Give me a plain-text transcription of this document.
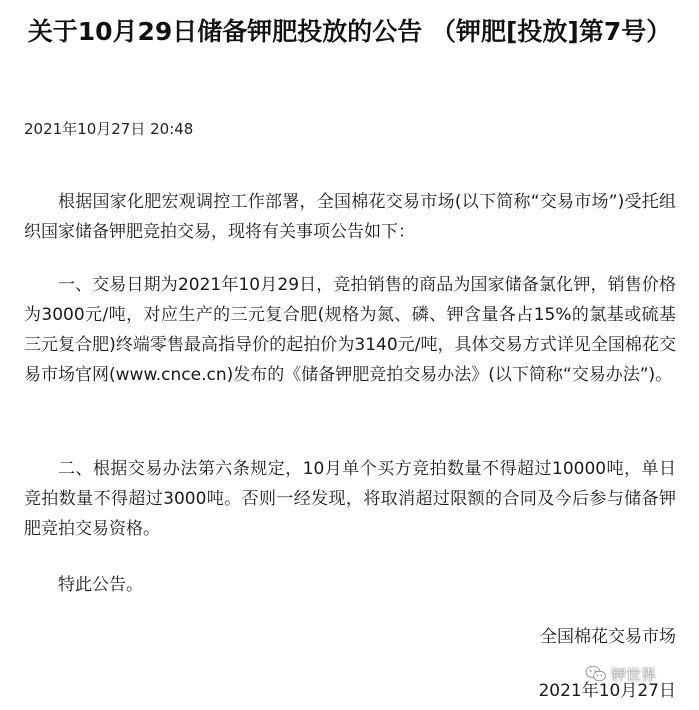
关于10月29日储备钾肥投放的公告 （钾肥[投放]第7号）
2021年10月27日 20:48

根据国家化肥宏观调控工作部署，全国棉花交易市场(以下简称“交易市场”)受托组织国家储备钾肥竞拍交易，现将有关事项公告如下：

一、交易日期为2021年10月29日，竞拍销售的商品为国家储备氯化钾，销售价格为3000元/吨，对应生产的三元复合肥(规格为氮、磷、钾含量各占15%的氯基或硫基三元复合肥)终端零售最高指导价的起拍价为3140元/吨，具体交易方式详见全国棉花交易市场官网(www.cnce.cn)发布的《储备钾肥竞拍交易办法》(以下简称“交易办法”)。

二、根据交易办法第六条规定，10月单个买方竞拍数量不得超过10000吨，单日竞拍数量不得超过3000吨。否则一经发现，将取消超过限额的合同及今后参与储备钾肥竞拍交易资格。

特此公告。

全国棉花交易市场
2021年10月27日
钾世界
